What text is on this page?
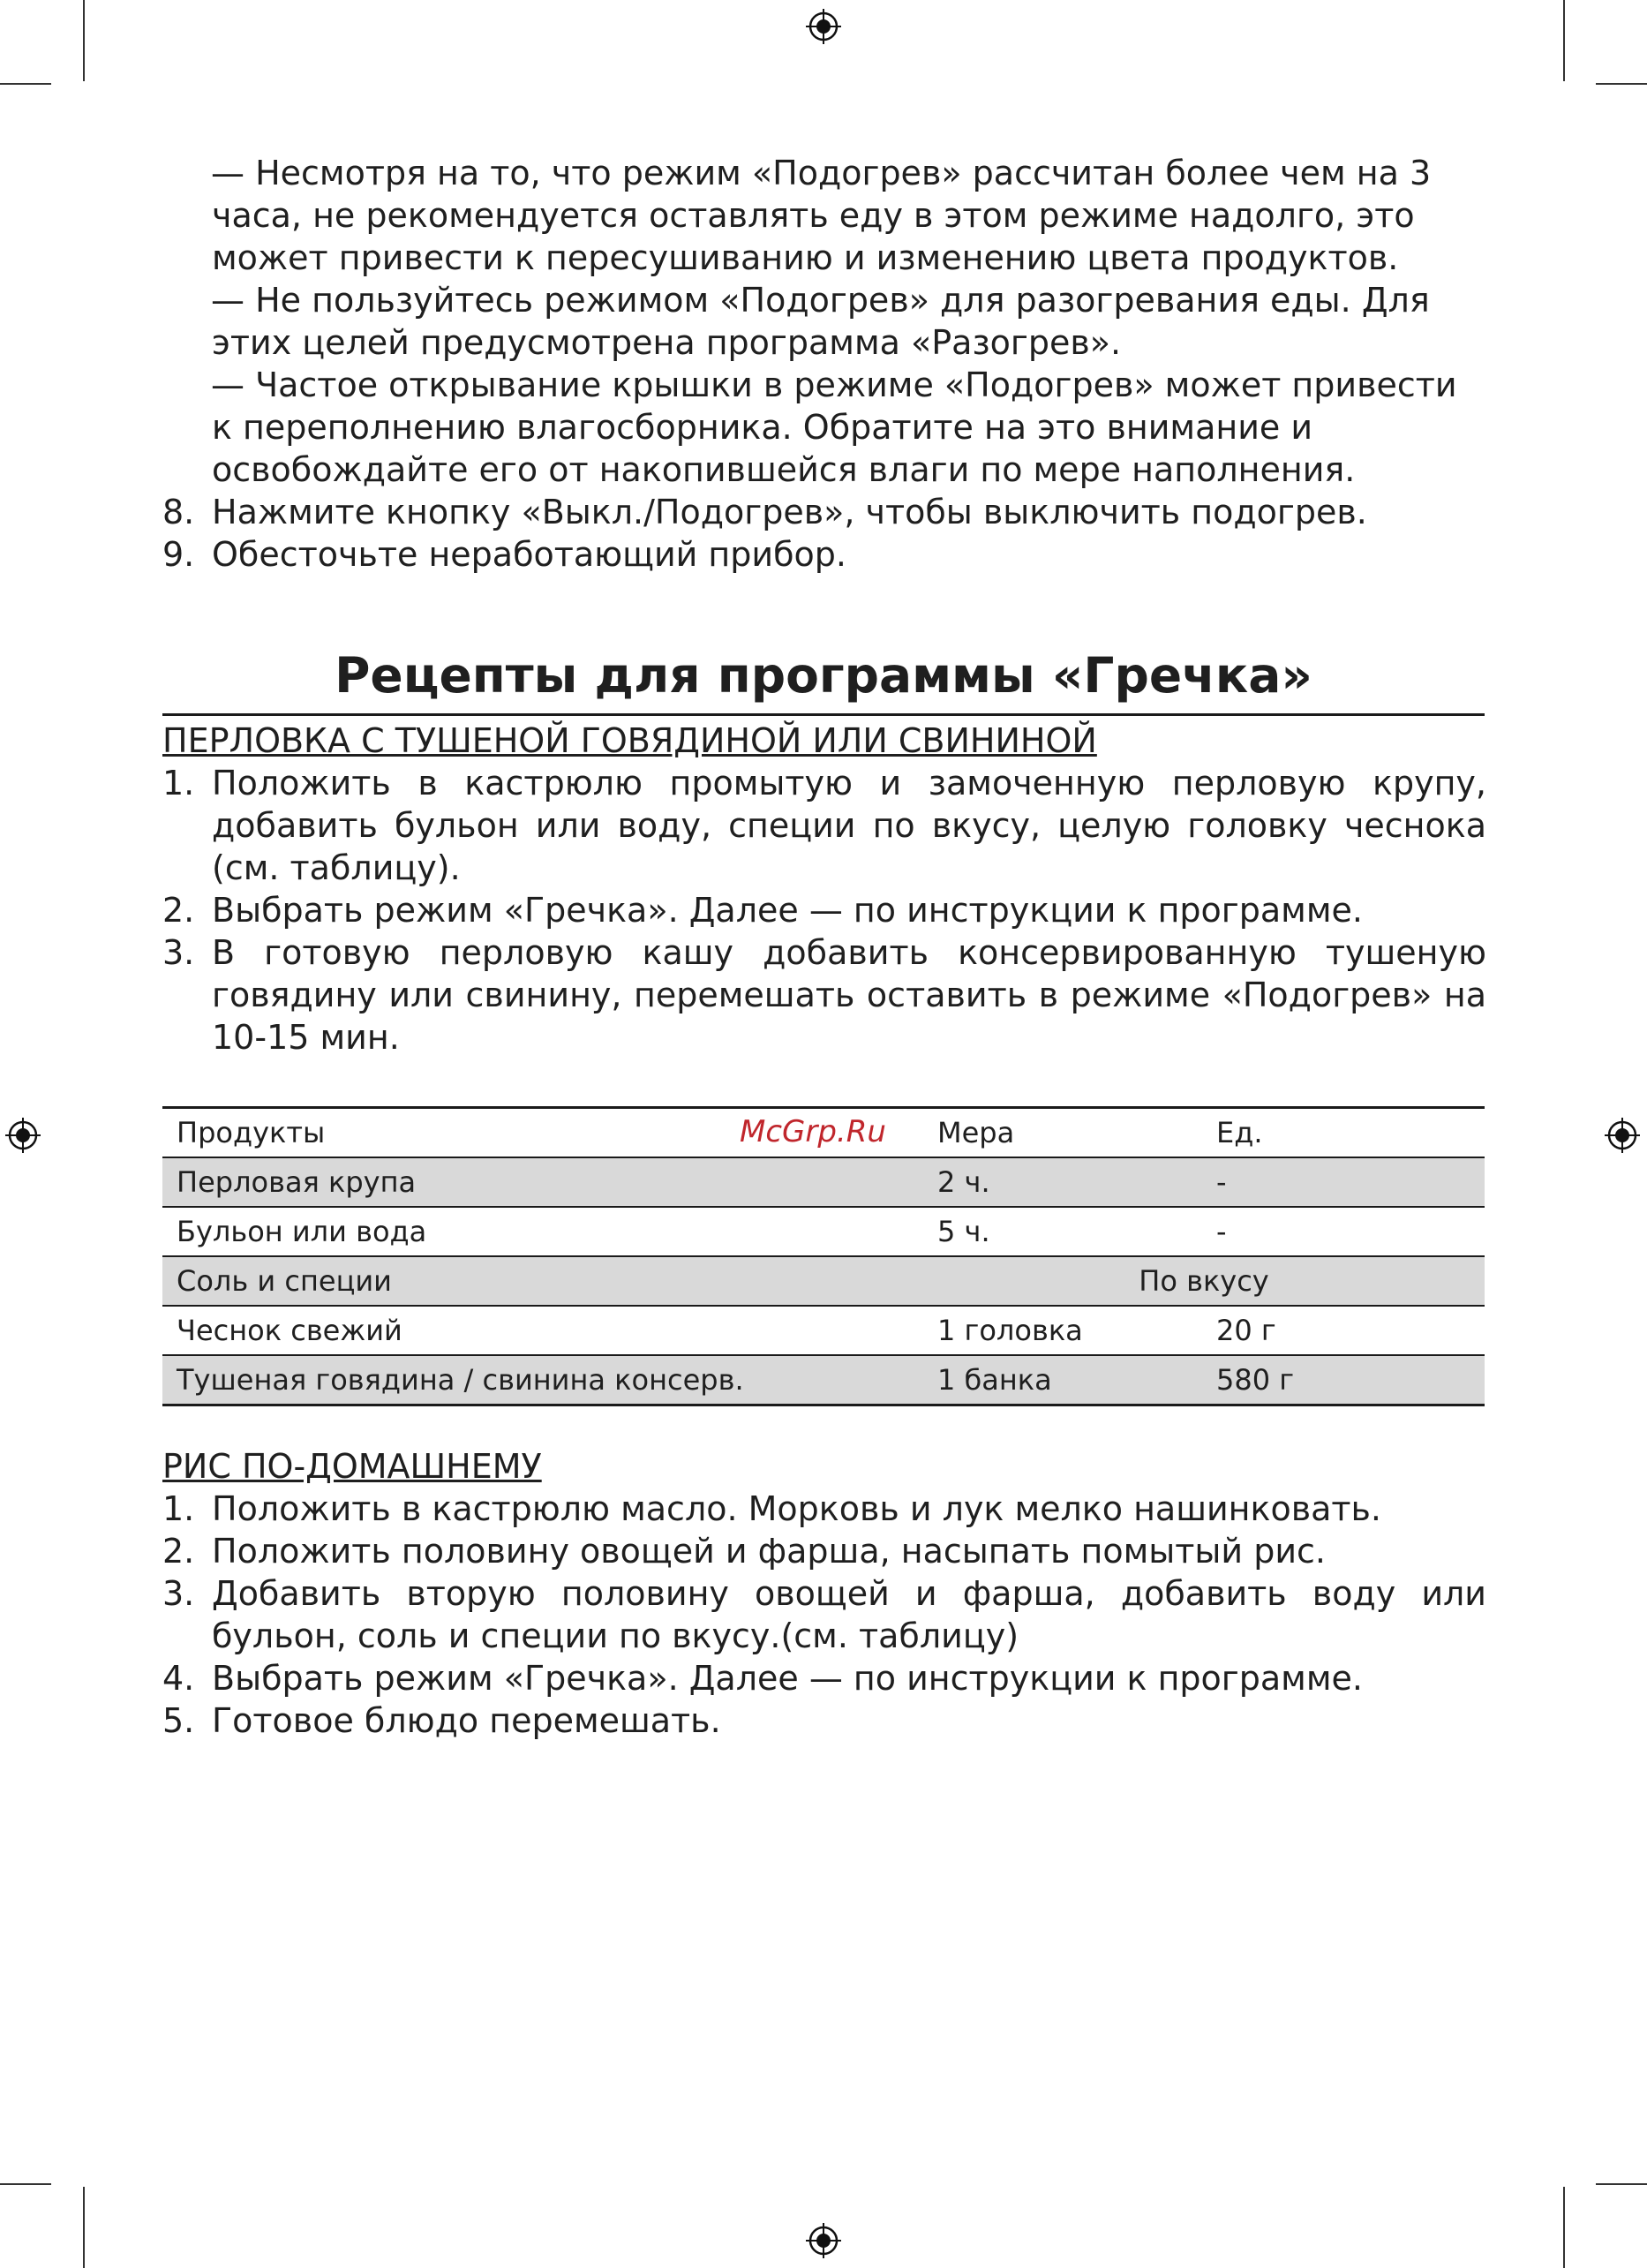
— Несмотря на то, что режим «Подогрев» рассчитан более чем на 3 часа, не рекомендуется оставлять еду в этом режиме надолго, это может привести к пересушиванию и изменению цвета продуктов.
— Не пользуйтесь режимом «Подогрев» для разогревания еды. Для этих целей предусмотрена программа «Разогрев».
— Частое открывание крышки в режиме «Подогрев» может привести к переполнению влагосборника. Обратите на это внимание и освобождайте его от накопившейся влаги по мере наполнения.
8. Нажмите кнопку «Выкл./Подогрев», чтобы выключить подогрев.
9. Обесточьте неработающий прибор.
Рецепты для программы «Гречка»
ПЕРЛОВКА С ТУШЕНОЙ ГОВЯДИНОЙ ИЛИ СВИНИНОЙ
1. Положить в кастрюлю промытую и замоченную перловую крупу, добавить бульон или воду, специи по вкусу, целую головку чеснока (см. таблицу).
2. Выбрать режим «Гречка». Далее — по инструкции к программе.
3. В готовую перловую кашу добавить консервированную тушеную говядину или свинину, перемешать оставить в режиме «Подогрев» на 10-15 мин.
Продукты	Мера	Ед.
Перловая крупа	2 ч.	-
Бульон или вода	5 ч.	-
Соль и специи	По вкусу	
Чеснок свежий	1 головка	20 г
Тушеная говядина / свинина консерв.	1 банка	580 г
РИС ПО-ДОМАШНЕМУ
1. Положить в кастрюлю масло. Морковь и лук мелко нашинковать.
2. Положить половину овощей и фарша, насыпать помытый рис.
3. Добавить вторую половину овощей и фарша, добавить воду или бульон, соль и специи по вкусу.(см. таблицу)
4. Выбрать режим «Гречка». Далее — по инструкции к программе.
5. Готовое блюдо перемешать.
McGrp.Ru
